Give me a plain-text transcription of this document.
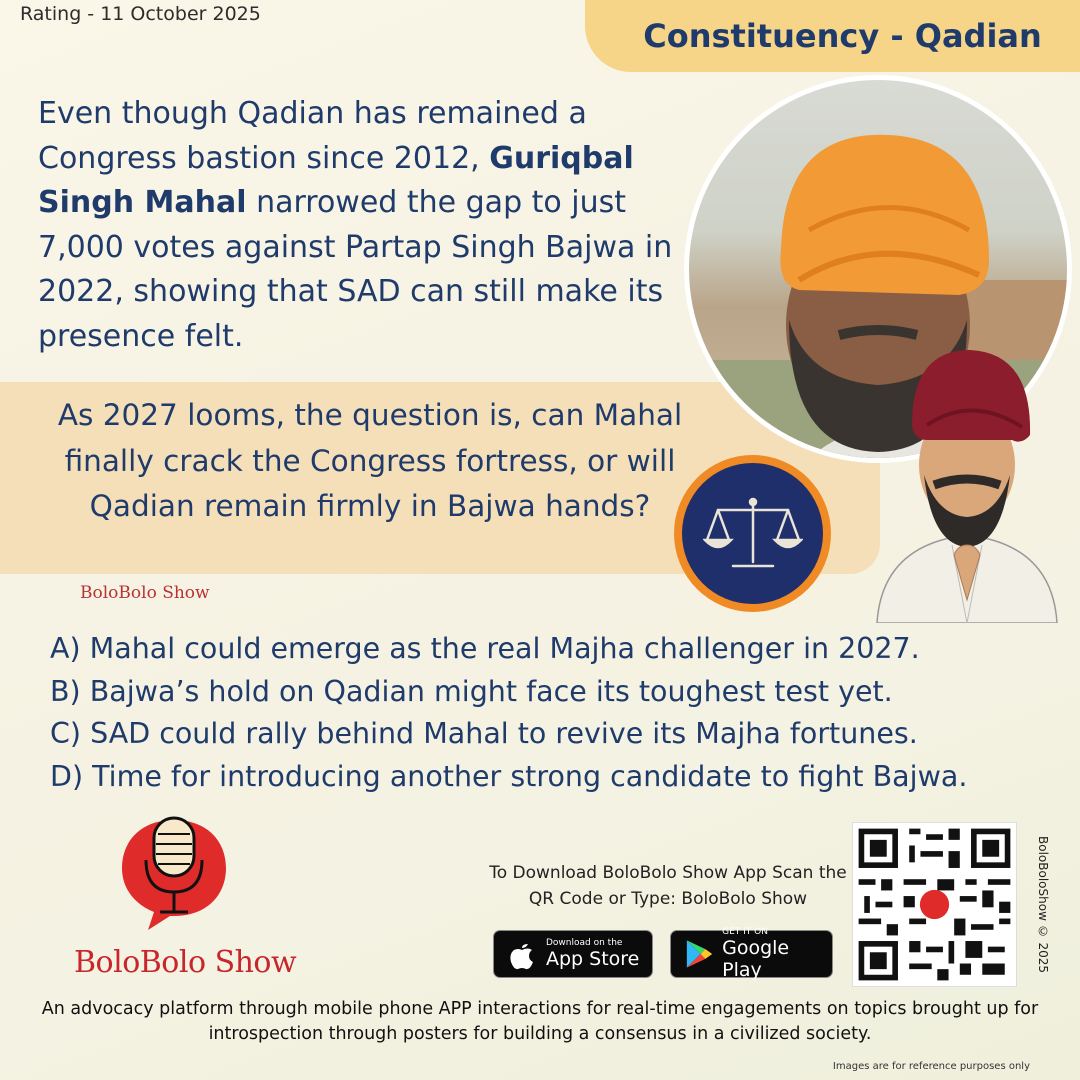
Rating - 11 October 2025
Constituency - Qadian
Even though Qadian has remained a Congress bastion since 2012, Guriqbal Singh Mahal narrowed the gap to just 7,000 votes against Partap Singh Bajwa in 2022, showing that SAD can still make its presence felt.
As 2027 looms, the question is, can Mahal finally crack the Congress fortress, or will Qadian remain firmly in Bajwa hands?
BoloBolo Show
A) Mahal could emerge as the real Majha challenger in 2027.
B) Bajwa’s hold on Qadian might face its toughest test yet.
C) SAD could rally behind Mahal to revive its Majha fortunes.
D) Time for introducing another strong candidate to fight Bajwa.
BoloBolo Show
To Download BoloBolo Show App Scan the QR Code or Type: BoloBolo Show
Download on the
App Store
GET IT ON
Google Play	BoloBoloShow © 2025
An advocacy platform through mobile phone APP interactions for real-time engagements on topics brought up for introspection through posters for building a consensus in a civilized society.
Images are for reference purposes only
